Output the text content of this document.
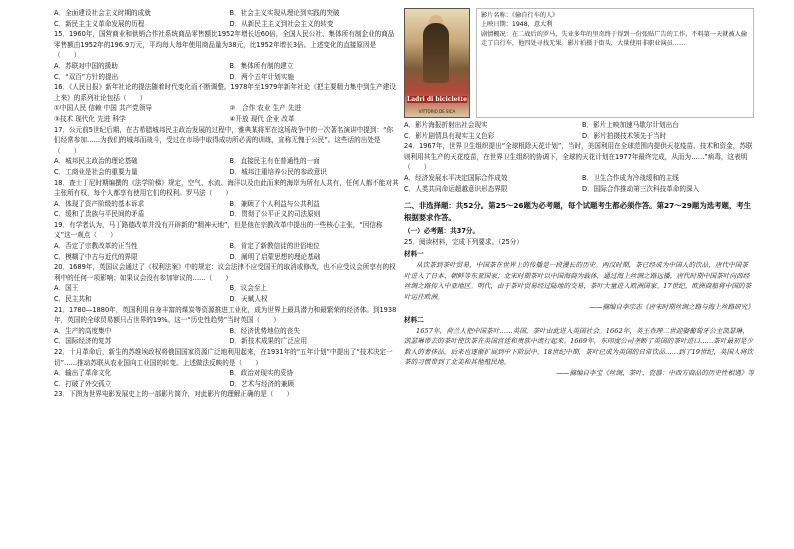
A．全面建设社会主义时期的成就	B．社会主义实现从理论到实践的突破
C．新民主主义革命发展的历程	D．从新民主主义到社会主义的转变
15．1960年，国营商业和供销合作社系统商品零售额比1952年增长近60倍，全国人民公社、集体所有制企业的商品零售额由1952年的196.9万元，平均每人每年使用商品量为38元，比1952年增长3倍。上述变化的直接原因是（　　）
A．苏联对中国的援助	B．集体所有制的建立
C．“双百”方针的提出	D．两个五年计划实施
16．《人民日报》新年社论的提法随着时代变化而不断调整。1978年至1979年新年社论《把主要精力集中到生产建设上来》的系列社论包括（　　）
①中国人民 信赖 中国 共产党领导	②　合作 农业 生产 先进
③技术 现代化 先进 科学	④开放 现代 企业 改革
17．公元前5世纪后期，在古希腊城邦民主政治发展的过程中，雅典某将军在这场战争中的一次著名演讲中提到：“你们经常参加……为我们的城邦而战斗，受过在市场中取得成功所必需的训练，宣称无愧于公民”。这些话的出处是（　　）
A．城邦民主政治的理论基础	B．直接民主有在普通性的一面
C．工商业是社会的重要力量	D．城邦注重培养公民的参政意识
18．查士丁尼时期编撰的《法学阶梯》规定，空气、水流、海洋以及由此而来的海岸为所有人共有，任何人都不能对其主张所有权，每个人都享有使用它们的权利。罗马法（　　）
A．体现了资产阶级的基本诉求	B．兼顾了个人利益与公共利益
C．缓和了贵族与平民间的矛盾	D．贯彻了公平正义的司法原则
19．有学者认为，马丁路德改革并没有开辟新的“精神天地”，但是他在宗教改革中提出的一些核心主张，“因信称义”这一观点（　　）
A．否定了宗教改革的正当性	B．肯定了新教信徒的世俗地位
C．模糊了中古与近代的界限	D．阐明了启蒙思想的理论基础
20．1689年，英国议会通过了《权利法案》中的规定：议会法律不应受国王的取消或修改，也不应受议会所享有的权利中的任何一项影响；如果议会没有参加审议的……（　　）
A．国王	B．议会至上
C．民主共和	D．天赋人权
21．1780—1880年，英国利用自身丰富的煤炭等资源推进工业化，成为世界上最具潜力和最繁荣的经济体。到1938年，英国的全球贸易额只占世界的19%。这一“历史性趋势”当时英国（　　）
A．生产的高度集中	B．经济优势地位的丧失
C．国际经济的复苏	D．新技术成果的广泛应用
22．十月革命后，新生的苏维埃政权将俄国国家资源广泛地利用起来，在1931年的“五年计划”中提出了“技术决定一切”……推动苏联从农业国向工业国的转变。上述做法反映的是（　　）
A．输出了革命文化	B．政治对现实的妥协
C．打破了外交孤立	D．艺术与经济的兼顾
23．下图为世界电影发展史上的一部影片简介，对此影片的理解正确的是（　　）
Ladri di biciclette
VITTORIO DE SICA
影片名称：《偷自行车的人》
上映日期：1948，意大利
剧情概况：在二战后的罗马，失业多年的里奇终于得到一份张贴广告的工作，不料第一天就被人偷走了自行车，他四处寻找无果。影片拍摄于街头，大量使用非职业演员……
A．影片海报折射出社会现实	B．影片上映加速马歇尔计划出台
C．影片剧情具有现实主义色彩	D．影片拍摄技术领先于当时
24．1967年，世界卫生组织提出“全球根除天花计划”，当时，美国利用在全球范围内提供天花疫苗、技术和资金，苏联则利用其生产的天花疫苗，在世界卫生组织的协调下，全球的天花计划在1977年最终完成，从而为……”病毒，这表明（　　）
A．经济发展水平决定国际合作成效	B．卫生合作成为冷战缓和的主线
C．人类共同命运超越意识形态界限	D．国际合作推动第三次科技革命的深入
二、非选择题：共52分。第25～26题为必考题，每个试题考生都必须作答。第27～29题为选考题，考生根据要求作答。
（一）必考题：共37分。
25．阅读材料，完成下列要求。（25分）
材料一
从饮茶到茶叶贸易，中国茶在世界上的传播是一段漫长的历史。两汉时期，茶已经成为中国人的饮品，唐代中国茶叶进入了日本、朝鲜等东亚国家；北宋时期茶叶以中国海商为载体，通过海上丝绸之路远播，唐代时期中国茶叶向西经丝绸之路传入中亚地区。明代，由于茶叶贸易经过陆地的交易，茶叶大量进入欧洲国家。17世纪，欧洲商船将中国的茶叶运往欧洲。
——摘编自李宗志《唐宋时期丝绸之路与海上丝路研究》
材料二
1657年，荷兰人把中国茶叶……英国，茶叶由此进入英国社会。1662年，英王查理二世迎娶葡萄牙公主凯瑟琳，凯瑟琳带去的茶叶使饮茶在英国宫廷和贵族中流行起来。1669年，东印度公司垄断了英国的茶叶进口……茶叶最初是少数人的奢侈品，后来也逐渐扩展到中下阶层中。18世纪中期，茶叶已成为英国的日常饮品……到了19世纪，英国人将饮茶的习惯带到了北美和其他殖民地。
——摘编自李宝《丝绸、茶叶、瓷器：中西方商品的历史性相遇》等
